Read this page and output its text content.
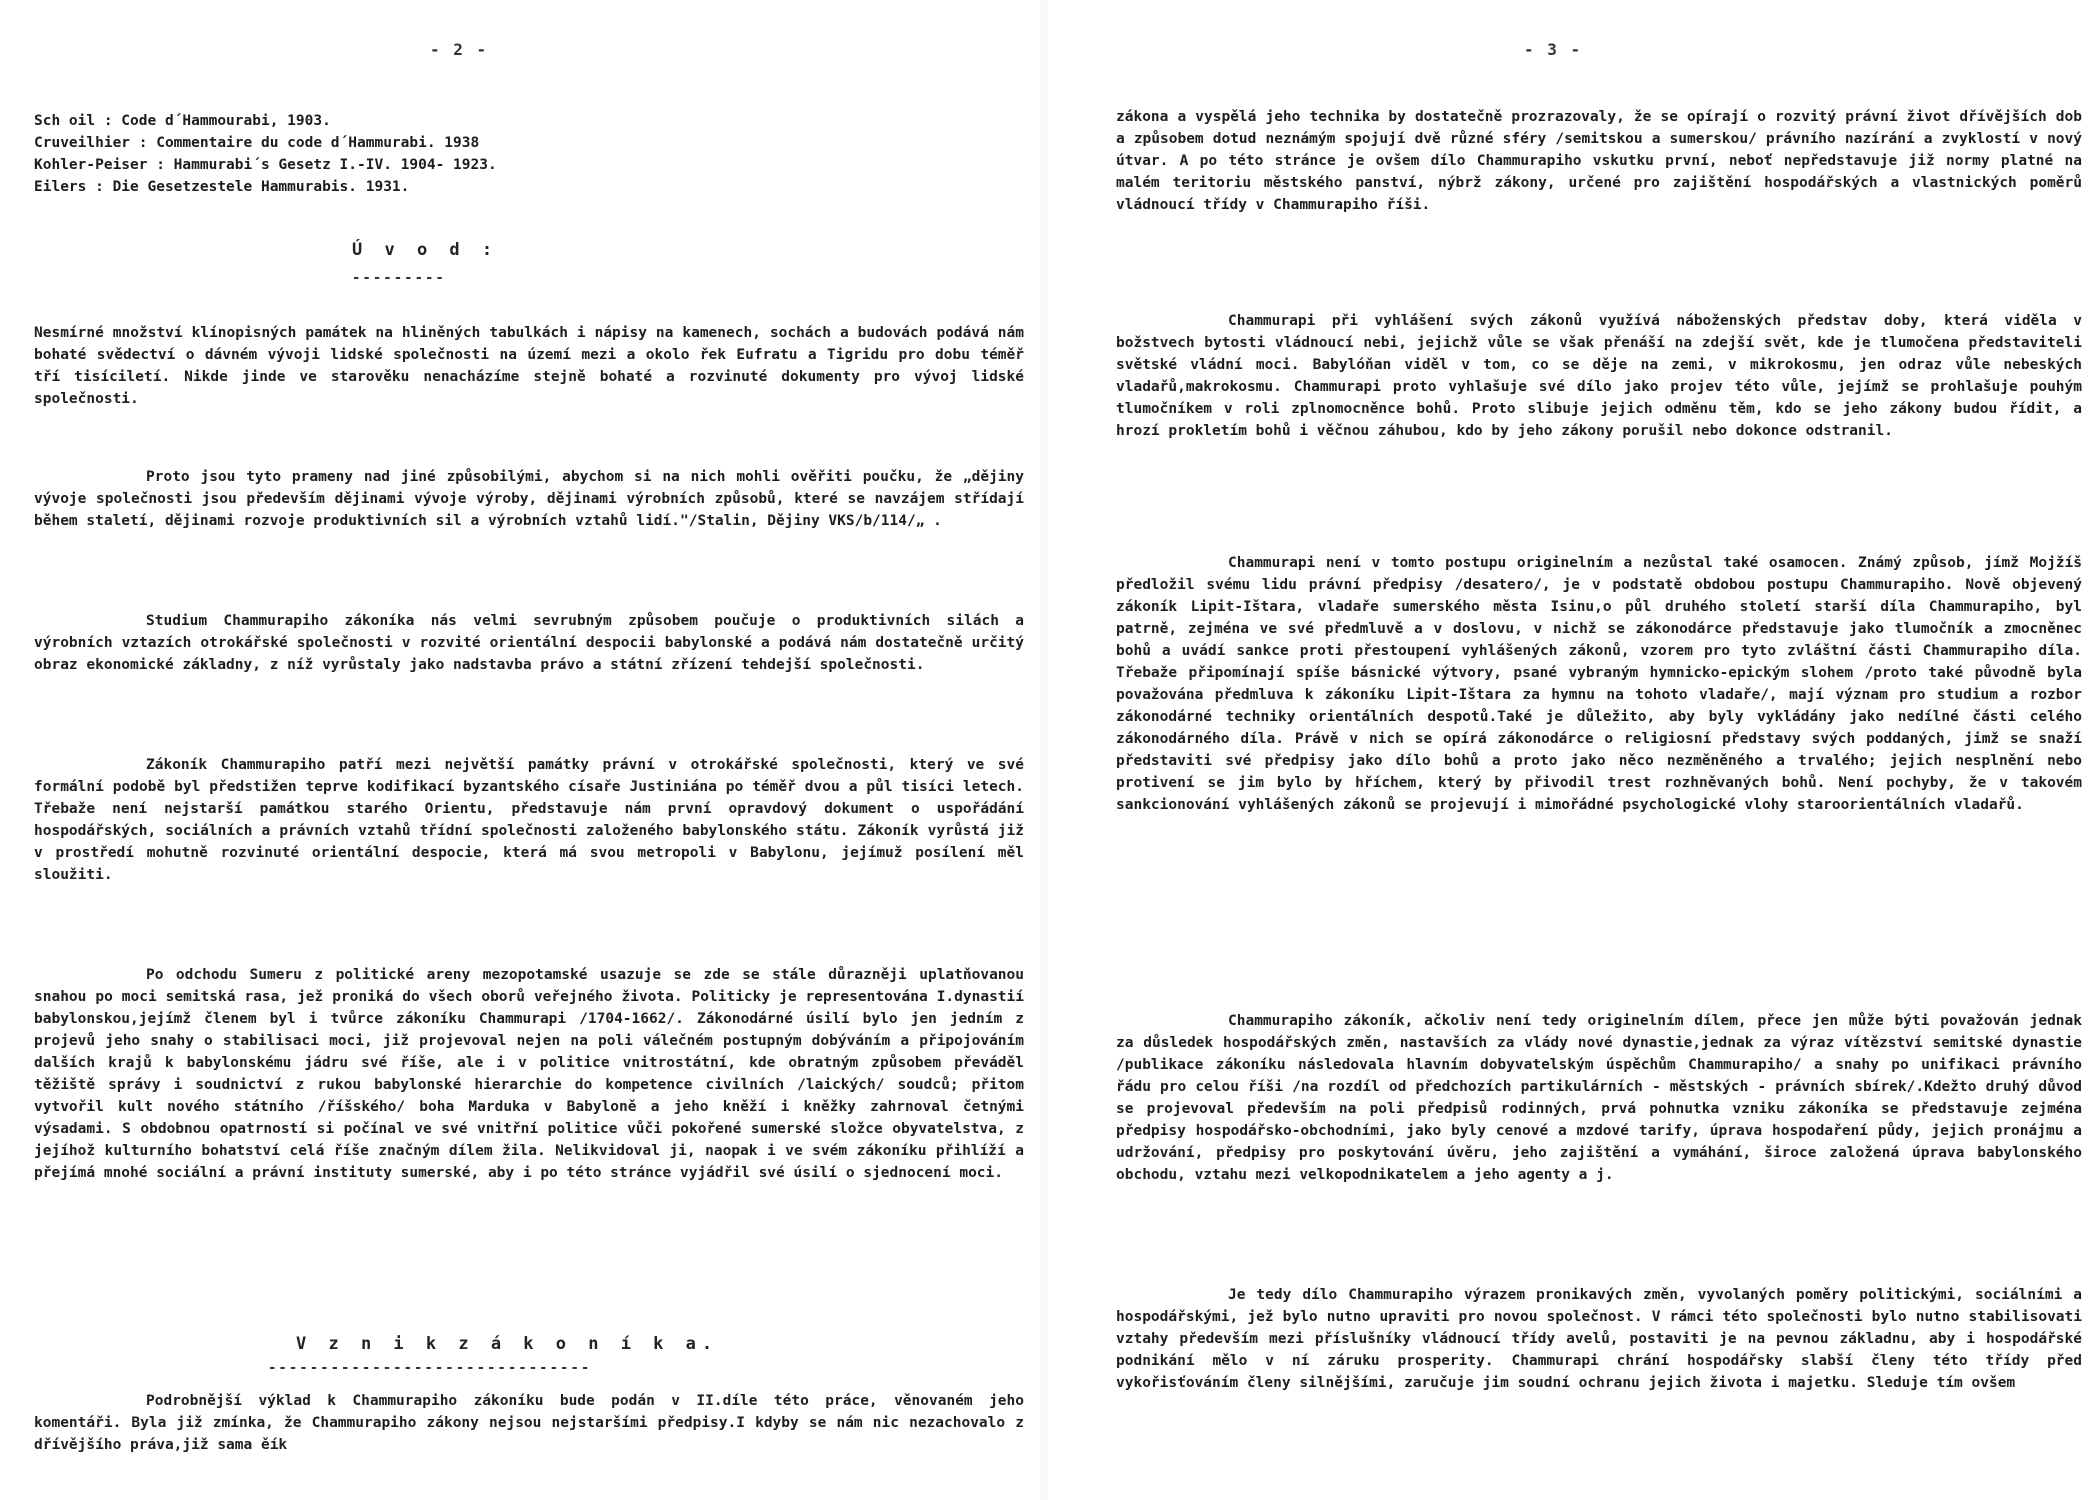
- 2 -
Sch oil : Code d´Hammourabi, 1903.
Cruveilhier : Commentaire du code d´Hammurabi. 1938
Kohler-Peiser : Hammurabi´s Gesetz I.-IV. 1904- 1923.
Eilers : Die Gesetzestele Hammurabis. 1931.
Ú v o d :
---------
Nesmírné množství klínopisných památek na hliněných tabulkách i nápisy na kamenech, sochách a budovách podává nám bohaté svědectví o dávném vývoji lidské společnosti na území mezi a okolo řek Eufratu a Tigridu pro dobu téměř tří tisíciletí. Nikde jinde ve starověku nenacházíme stejně bohaté a rozvinuté dokumenty pro vývoj lidské společnosti.
Proto jsou tyto prameny nad jiné způsobilými, abychom si na nich mohli ověřiti poučku, že „dějiny vývoje společnosti jsou především dějinami vývoje výroby, dějinami výrobních způsobů, které se navzájem střídají během staletí, dějinami rozvoje produktivních sil a výrobních vztahů lidí."/Stalin, Dějiny VKS/b/114/„ .
Studium Chammurapiho zákoníka nás velmi sevrubným způsobem poučuje o produktivních silách a výrobních vztazích otrokářské společnosti v rozvité orientální despocii babylonské a podává nám dostatečně určitý obraz ekonomické základny, z níž vyrůstaly jako nadstavba právo a státní zřízení tehdejší společnosti.
Zákoník Chammurapiho patří mezi největší památky právní v otrokářské společnosti, který ve své formální podobě byl předstižen teprve kodifikací byzantského císaře Justiniána po téměř dvou a půl tisíci letech. Třebaže není nejstarší památkou starého Orientu, představuje nám první opravdový dokument o uspořádání hospodářských, sociálních a právních vztahů třídní společnosti založeného babylonského státu. Zákoník vyrůstá již v prostředí mohutně rozvinuté orientální despocie, která má svou metropoli v Babylonu, jejímuž posílení měl sloužiti.
Po odchodu Sumeru z politické areny mezopotamské usazuje se zde se stále důrazněji uplatňovanou snahou po moci semitská rasa, jež proniká do všech oborů veřejného života. Politicky je representována I.dynastií babylonskou,jejímž členem byl i tvůrce zákoníku Chammurapi /1704-1662/. Zákonodárné úsilí bylo jen jedním z projevů jeho snahy o stabilisaci moci, již projevoval nejen na poli válečném postupným dobýváním a připojováním dalších krajů k babylonskému jádru své říše, ale i v politice vnitrostátní, kde obratným způsobem převáděl těžiště správy i soudnictví z rukou babylonské hierarchie do kompetence civilních /laických/ soudců; přitom vytvořil kult nového státního /říšského/ boha Marduka v Babyloně a jeho kněží i kněžky zahrnoval četnými výsadami. S obdobnou opatrností si počínal ve své vnitřní politice vůči pokořené sumerské složce obyvatelstva, z jejíhož kulturního bohatství celá říše značným dílem žila. Nelikvidoval ji, naopak i ve svém zákoníku přihlíží a přejímá mnohé sociální a právní instituty sumerské, aby i po této stránce vyjádřil své úsilí o sjednocení moci.
V z n i k z á k o n í k a.
-------------------------------
Podrobnější výklad k Chammurapiho zákoníku bude podán v II.díle této práce, věnovaném jeho komentáři. Byla již zmínka, že Chammurapiho zákony nejsou nejstaršími předpisy.I kdyby se nám nic nezachovalo z dřívějšího práva,již sama ěík
- 3 -
zákona a vyspělá jeho technika by dostatečně prozrazovaly, že se opírají o rozvitý právní život dřívějších dob a způsobem dotud neznámým spojují dvě různé sféry /semitskou a sumerskou/ právního nazírání a zvyklostí v nový útvar. A po této stránce je ovšem dílo Chammurapiho vskutku první, neboť nepředstavuje již normy platné na malém teritoriu městského panství, nýbrž zákony, určené pro zajištění hospodářských a vlastnických poměrů vládnoucí třídy v Chammurapiho říši.
Chammurapi při vyhlášení svých zákonů využívá náboženských představ doby, která viděla v božstvech bytosti vládnoucí nebi, jejichž vůle se však přenáší na zdejší svět, kde je tlumočena představiteli světské vládní moci. Babylóňan viděl v tom, co se děje na zemi, v mikrokosmu, jen odraz vůle nebeských vladařů,makrokosmu. Chammurapi proto vyhlašuje své dílo jako projev této vůle, jejímž se prohlašuje pouhým tlumočníkem v roli zplnomocněnce bohů. Proto slibuje jejich odměnu těm, kdo se jeho zákony budou řídit, a hrozí prokletím bohů i věčnou záhubou, kdo by jeho zákony porušil nebo dokonce odstranil.
Chammurapi není v tomto postupu originelním a nezůstal také osamocen. Známý způsob, jímž Mojžíš předložil svému lidu právní předpisy /desatero/, je v podstatě obdobou postupu Chammurapiho. Nově objevený zákoník Lipit-Ištara, vladaře sumerského města Isinu,o půl druhého století starší díla Chammurapiho, byl patrně, zejména ve své předmluvě a v doslovu, v nichž se zákonodárce představuje jako tlumočník a zmocněnec bohů a uvádí sankce proti přestoupení vyhlášených zákonů, vzorem pro tyto zvláštní části Chammurapiho díla. Třebaže připomínají spíše básnické výtvory, psané vybraným hymnicko-epickým slohem /proto také původně byla považována předmluva k zákoníku Lipit-Ištara za hymnu na tohoto vladaře/, mají význam pro studium a rozbor zákonodárné techniky orientálních despotů.Také je důležito, aby byly vykládány jako nedílné části celého zákonodárného díla. Právě v nich se opírá zákonodárce o religiosní představy svých poddaných, jimž se snaží představiti své předpisy jako dílo bohů a proto jako něco nezměněného a trvalého; jejich nesplnění nebo protivení se jim bylo by hříchem, který by přivodil trest rozhněvaných bohů. Není pochyby, že v takovém sankcionování vyhlášených zákonů se projevují i mimořádné psychologické vlohy staroorientálních vladařů.
Chammurapiho zákoník, ačkoliv není tedy originelním dílem, přece jen může býti považován jednak za důsledek hospodářských změn, nastavších za vlády nové dynastie,jednak za výraz vítězství semitské dynastie /publikace zákoníku následovala hlavním dobyvatelským úspěchům Chammurapiho/ a snahy po unifikaci právního řádu pro celou říši /na rozdíl od předchozích partikulárních - městských - právních sbírek/.Kdežto druhý důvod se projevoval především na poli předpisů rodinných, prvá pohnutka vzniku zákoníka se představuje zejména předpisy hospodářsko-obchodními, jako byly cenové a mzdové tarify, úprava hospodaření půdy, jejich pronájmu a udržování, předpisy pro poskytování úvěru, jeho zajištění a vymáhání, široce založená úprava babylonského obchodu, vztahu mezi velkopodnikatelem a jeho agenty a j.
Je tedy dílo Chammurapiho výrazem pronikavých změn, vyvolaných poměry politickými, sociálními a hospodářskými, jež bylo nutno upraviti pro novou společnost. V rámci této společnosti bylo nutno stabilisovati vztahy především mezi příslušníky vládnoucí třídy avelů, postaviti je na pevnou základnu, aby i hospodářské podnikání mělo v ní záruku prosperity. Chammurapi chrání hospodářsky slabší členy této třídy před vykořisťováním členy silnějšími, zaručuje jim soudní ochranu jejich života i majetku. Sleduje tím ovšem
